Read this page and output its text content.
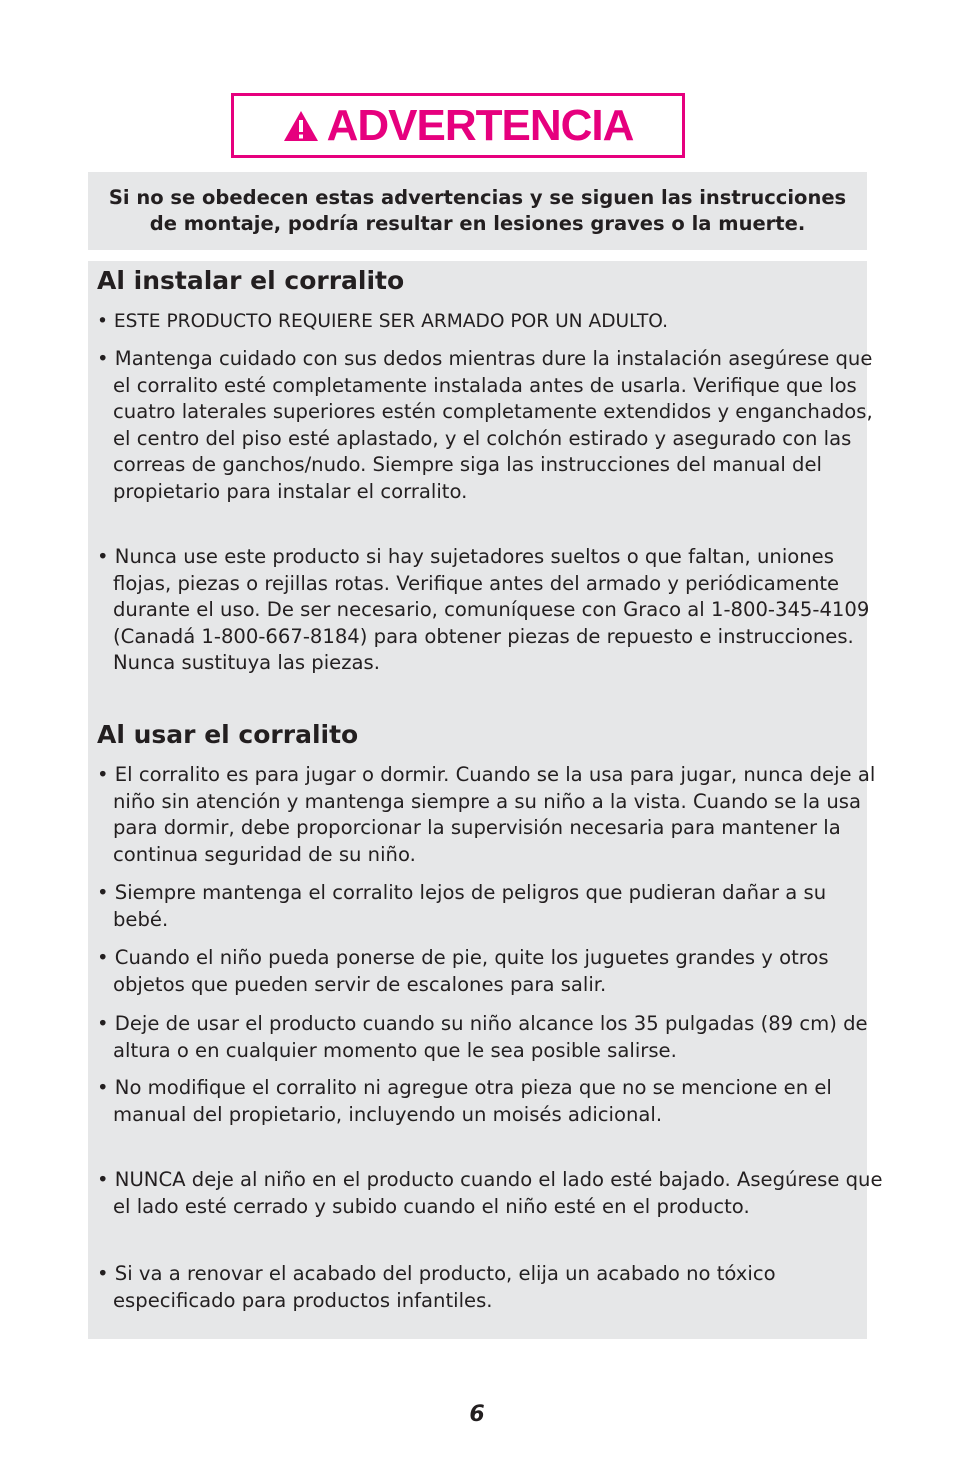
ADVERTENCIA

Si no se obedecen estas advertencias y se siguen las instrucciones de montaje, podría resultar en lesiones graves o la muerte.

Al instalar el corralito

• ESTE PRODUCTO REQUIERE SER ARMADO POR UN ADULTO.

• Mantenga cuidado con sus dedos mientras dure la instalación asegúrese que el corralito esté completamente instalada antes de usarla. Verifique que los cuatro laterales superiores estén completamente extendidos y enganchados, el centro del piso esté aplastado, y el colchón estirado y asegurado con las correas de ganchos/nudo. Siempre siga las instrucciones del manual del propietario para instalar el corralito.

• Nunca use este producto si hay sujetadores sueltos o que faltan, uniones flojas, piezas o rejillas rotas. Verifique antes del armado y periódicamente durante el uso. De ser necesario, comuníquese con Graco al 1-800-345-4109 (Canadá 1-800-667-8184) para obtener piezas de repuesto e instrucciones. Nunca sustituya las piezas.

Al usar el corralito

• El corralito es para jugar o dormir. Cuando se la usa para jugar, nunca deje al niño sin atención y mantenga siempre a su niño a la vista. Cuando se la usa para dormir, debe proporcionar la supervisión necesaria para mantener la continua seguridad de su niño.

• Siempre mantenga el corralito lejos de peligros que pudieran dañar a su bebé.

• Cuando el niño pueda ponerse de pie, quite los juguetes grandes y otros objetos que pueden servir de escalones para salir.

• Deje de usar el producto cuando su niño alcance los 35 pulgadas (89 cm) de altura o en cualquier momento que le sea posible salirse.

• No modifique el corralito ni agregue otra pieza que no se mencione en el manual del propietario, incluyendo un moisés adicional.

• NUNCA deje al niño en el producto cuando el lado esté bajado. Asegúrese que el lado esté cerrado y subido cuando el niño esté en el producto.

• Si va a renovar el acabado del producto, elija un acabado no tóxico especificado para productos infantiles.

6
